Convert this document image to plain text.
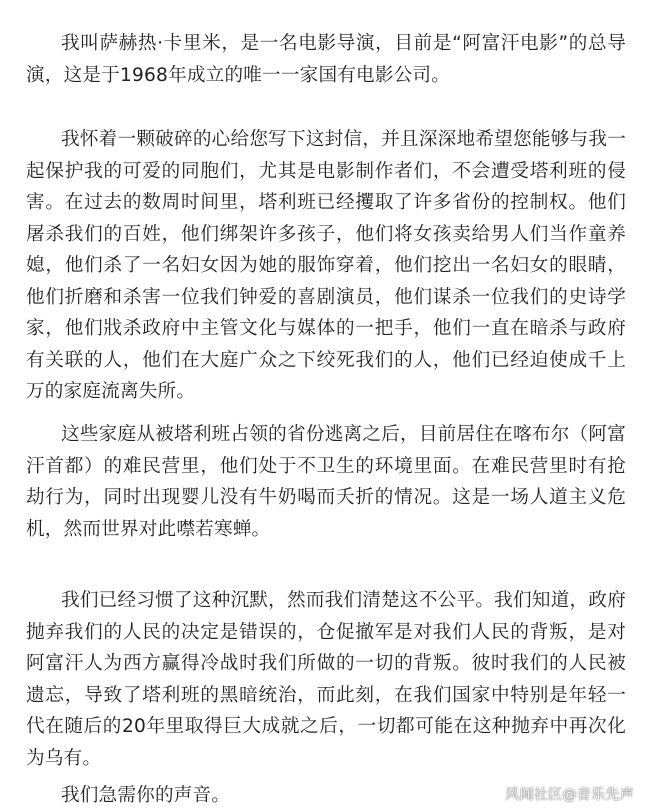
我叫萨赫热·卡里米，是一名电影导演，目前是“阿富汗电影”的总导演，这是于1968年成立的唯一一家国有电影公司。

我怀着一颗破碎的心给您写下这封信，并且深深地希望您能够与我一起保护我的可爱的同胞们，尤其是电影制作者们，不会遭受塔利班的侵害。在过去的数周时间里，塔利班已经攫取了许多省份的控制权。他们屠杀我们的百姓，他们绑架许多孩子，他们将女孩卖给男人们当作童养媳，他们杀了一名妇女因为她的服饰穿着，他们挖出一名妇女的眼睛，他们折磨和杀害一位我们钟爱的喜剧演员，他们谋杀一位我们的史诗学家，他们戕杀政府中主管文化与媒体的一把手，他们一直在暗杀与政府有关联的人，他们在大庭广众之下绞死我们的人，他们已经迫使成千上万的家庭流离失所。

这些家庭从被塔利班占领的省份逃离之后，目前居住在喀布尔（阿富汗首都）的难民营里，他们处于不卫生的环境里面。在难民营里时有抢劫行为，同时出现婴儿没有牛奶喝而夭折的情况。这是一场人道主义危机，然而世界对此噤若寒蝉。

我们已经习惯了这种沉默，然而我们清楚这不公平。我们知道，政府抛弃我们的人民的决定是错误的，仓促撤军是对我们人民的背叛，是对阿富汗人为西方赢得冷战时我们所做的一切的背叛。彼时我们的人民被遗忘，导致了塔利班的黑暗统治，而此刻，在我们国家中特别是年轻一代在随后的20年里取得巨大成就之后，一切都可能在这种抛弃中再次化为乌有。

我们急需你的声音。	风闻社区@音乐先声
